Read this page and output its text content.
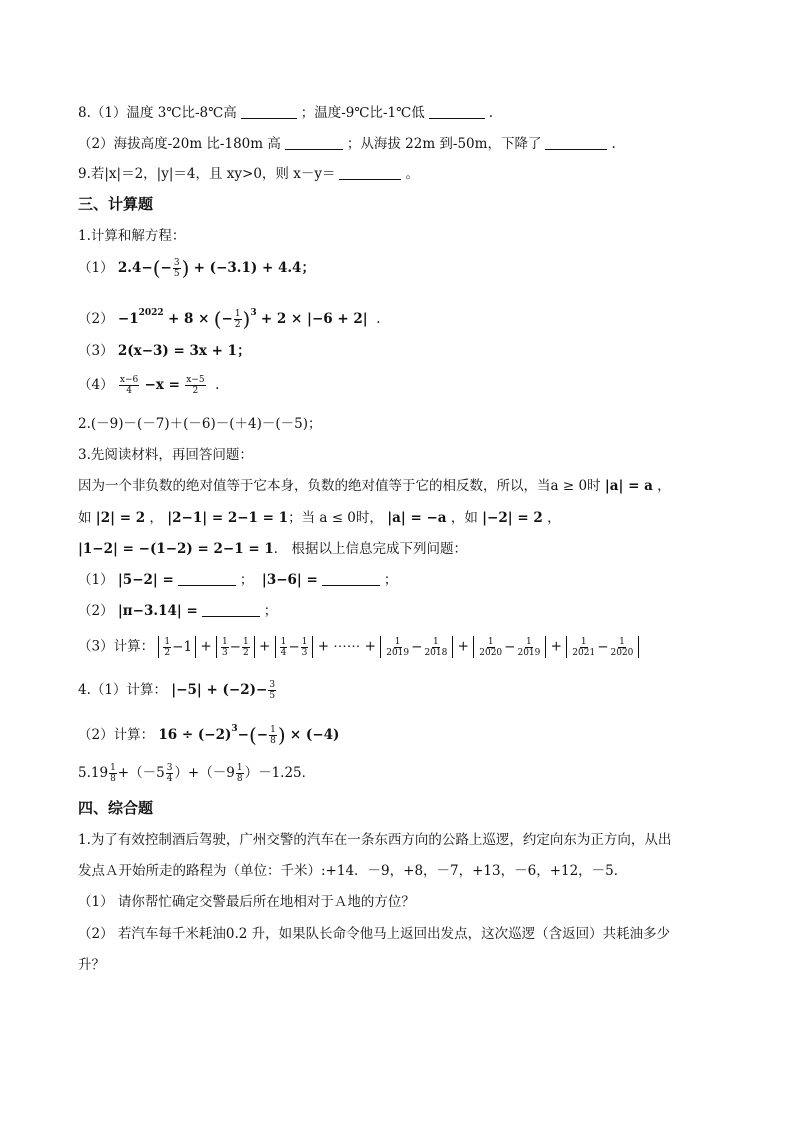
8.（1）温度 3℃比-8℃高	；温度-9℃比-1℃低	.
（2）海拔高度-20m 比-180m 高	；从海拔 22m 到-50m，下降了	.
9.若|x|＝2，|y|＝4，且 xy>0，则 x－y＝	。
三、计算题
1.计算和解方程：
（1） $2.4-(- \frac{3}{5}$ ) + (−3.1) + 4.4；
$(2) -1^{2022} + 8$ × (− $\frac{1}{2} )^3 + 2 \times |-6 + 2|$ .
（3） 2(x−3) = 3x + 1；
$(4) \frac{x-6}{4} -x = \frac{x-5}{2}$ .
2.(－9)－(－7)＋(－6)－(＋4)－(－5)；
3.先阅读材料，再回答问题：
因为一个非负数的绝对值等于它本身，负数的绝对值等于它的相反数，所以，当a ≥ 0时 |a| = a ，
如 |2| = 2 ， |2−1| = 2−1 = 1；当 a ≤ 0时， |a| = −a ，如 |−2| = 2 ，
|1−2| = −(1−2) = 2−1 = 1． 根据以上信息完成下列问题：
（1） |5−2| =	； |3−6| =	；
（2） |π−3.14| =	；
（3）计算： $\frac{1}{2} -1 + \frac{1}{3} - \frac{1}{2} + \frac{1}{4} - \frac{1}{3}$ + ⋯⋯ + $\frac{1}{2019} - \frac{1}{2018} + \frac{1}{2020} - \frac{1}{2019} + \frac{1}{2021} - \frac{1}{2020}$
4.（1）计算： $|-5| + (-2)- \frac{3}{5}$
（2）计算： $16 \div (-2)^3-(- \frac{1}{8}$ ) × (−4)
$5.19 \frac{1}{8} +(-5 \frac{3}{4} )+(-9 \frac{1}{8} )-1.25$．
四、综合题
1.为了有效控制酒后驾驶，广州交警的汽车在一条东西方向的公路上巡逻，约定向东为正方向，从出
发点Ａ开始所走的路程为（单位：千米）:+14．－9，+8，－7，+13，－6，+12，－5．
（1） 请你帮忙确定交警最后所在地相对于Ａ地的方位？
（2） 若汽车每千米耗油0.2 升，如果队长命令他马上返回出发点，这次巡逻（含返回）共耗油多少
升？
